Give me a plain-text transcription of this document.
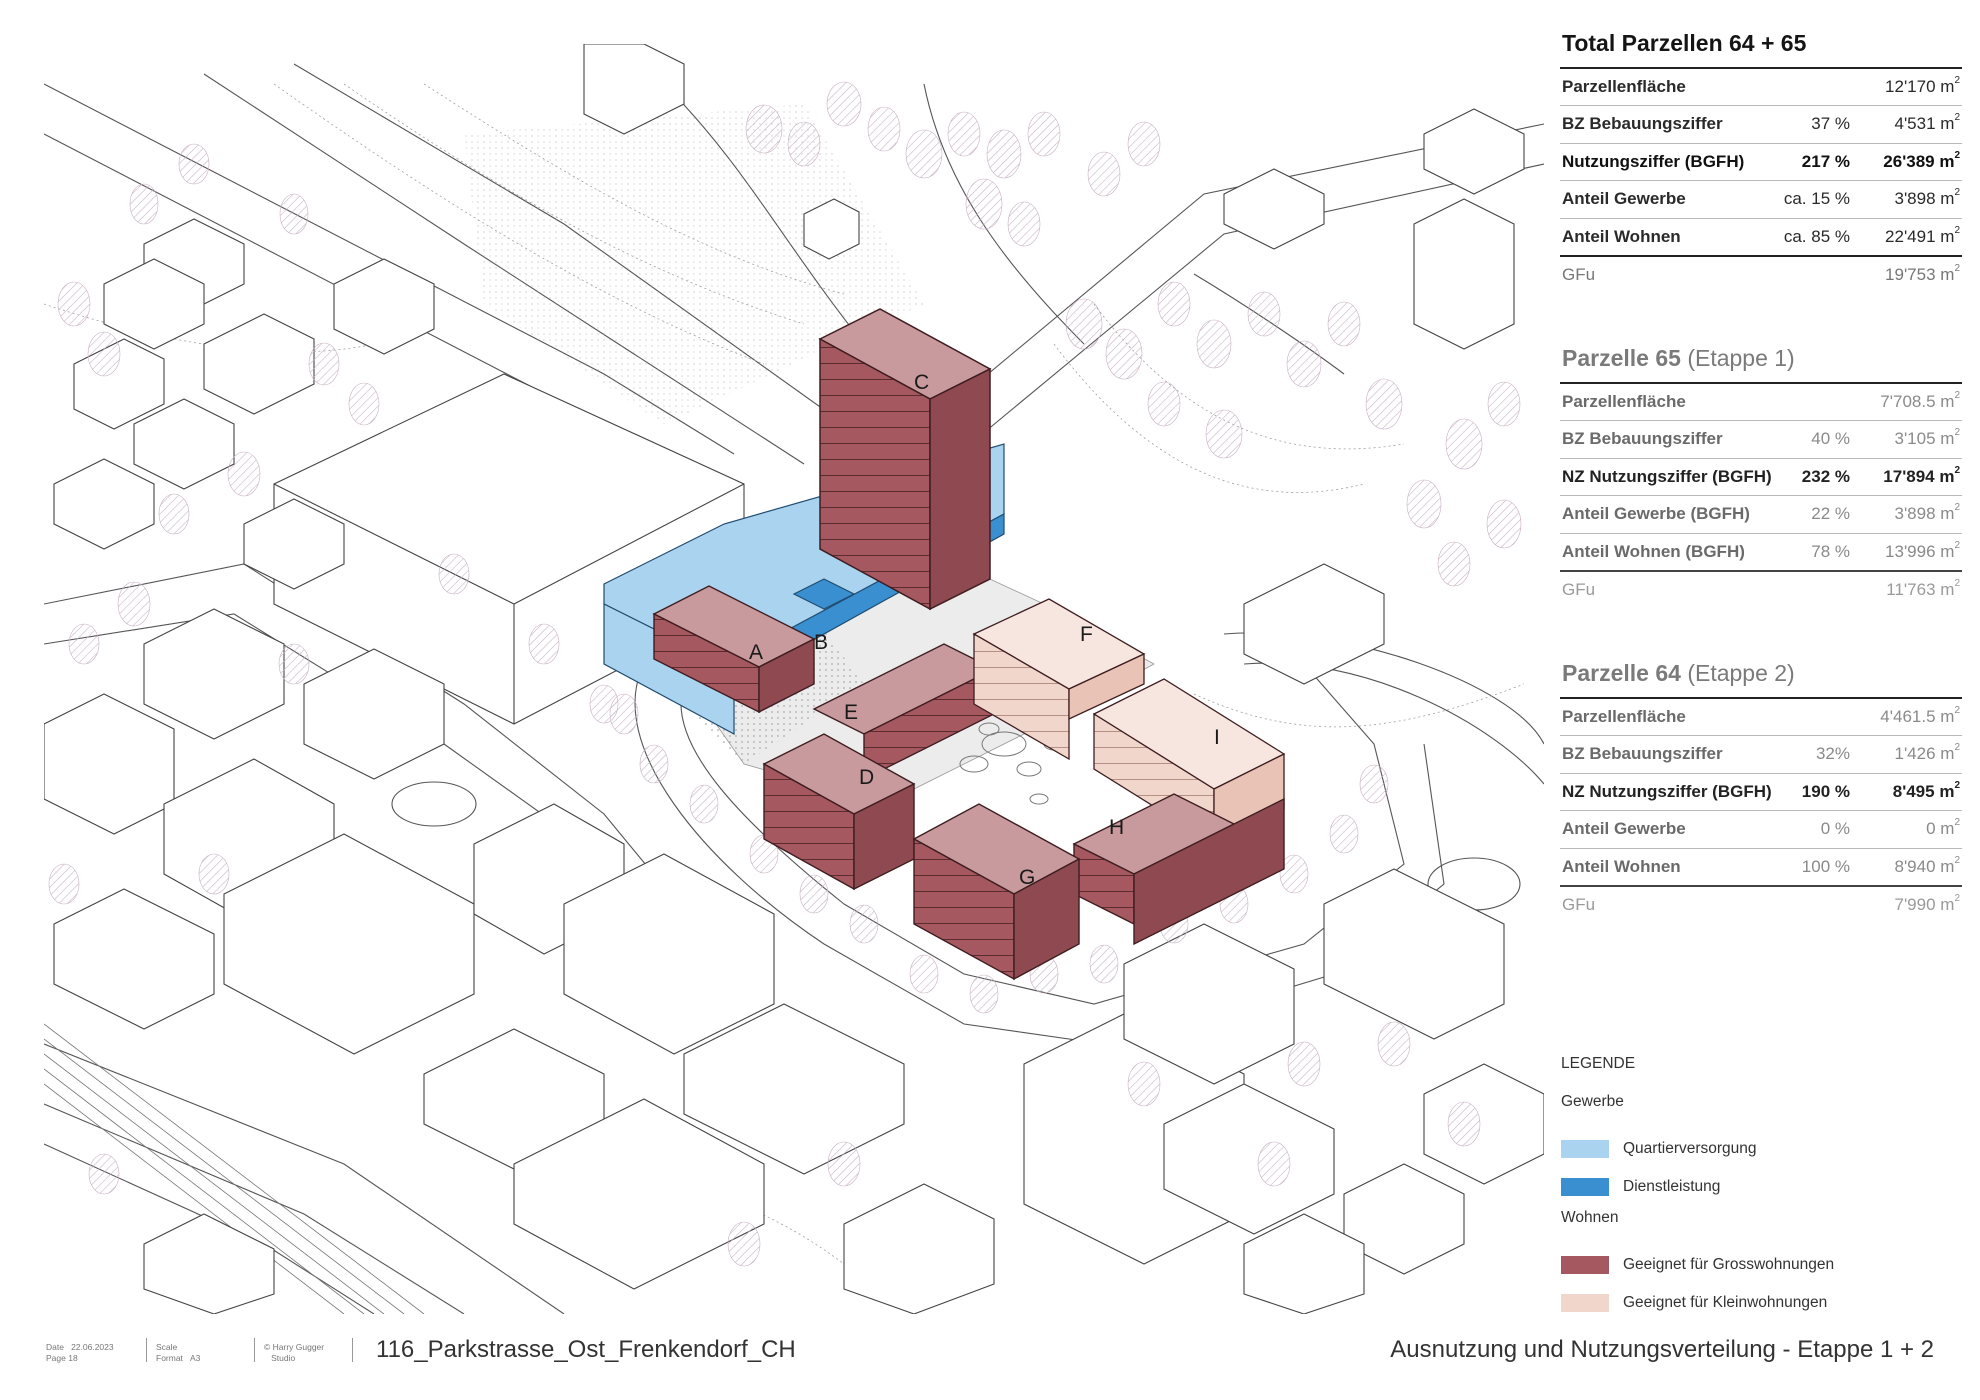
A B
C
D
E
F
G
H
I
Total Parzellen 64 + 65
Parzellenfläche		12'170 $m^2$
BZ Bebauungsziffer	37 %	4'531 $m^2$
Nutzungsziffer (BGFH)	217 %	26'389 $m^2$
Anteil Gewerbe	ca. 15 %	3'898 $m^2$
Anteil Wohnen	ca. 85 %	22'491 $m^2$
GFu		19'753 $m^2$
Parzelle 65 (Etappe 1)
Parzellenfläche		7'708.5 $m^2$
BZ Bebauungsziffer	40 %	3'105 $m^2$
NZ Nutzungsziffer (BGFH)	232 %	17'894 $m^2$
Anteil Gewerbe (BGFH)	22 %	3'898 $m^2$
Anteil Wohnen (BGFH)	78 %	13'996 $m^2$
GFu		11'763 $m^2$
Parzelle 64 (Etappe 2)
Parzellenfläche		4'461.5 $m^2$
BZ Bebauungsziffer	32%	1'426 $m^2$
NZ Nutzungsziffer (BGFH)	190 %	8'495 $m^2$
Anteil Gewerbe	0 %	0 $m^2$
Anteil Wohnen	100 %	8'940 $m^2$
GFu		7'990 $m^2$
LEGENDE
Gewerbe
Quartierversorgung
Dienstleistung
Wohnen
Geeignet für Grosswohnungen
Geeignet für Kleinwohnungen
Date 22.06.2023
Page 18
Scale
Format A3
© Harry Gugger
Studio	116_Parkstrasse_Ost_Frenkendorf_CH	Ausnutzung und Nutzungsverteilung - Etappe 1 + 2
